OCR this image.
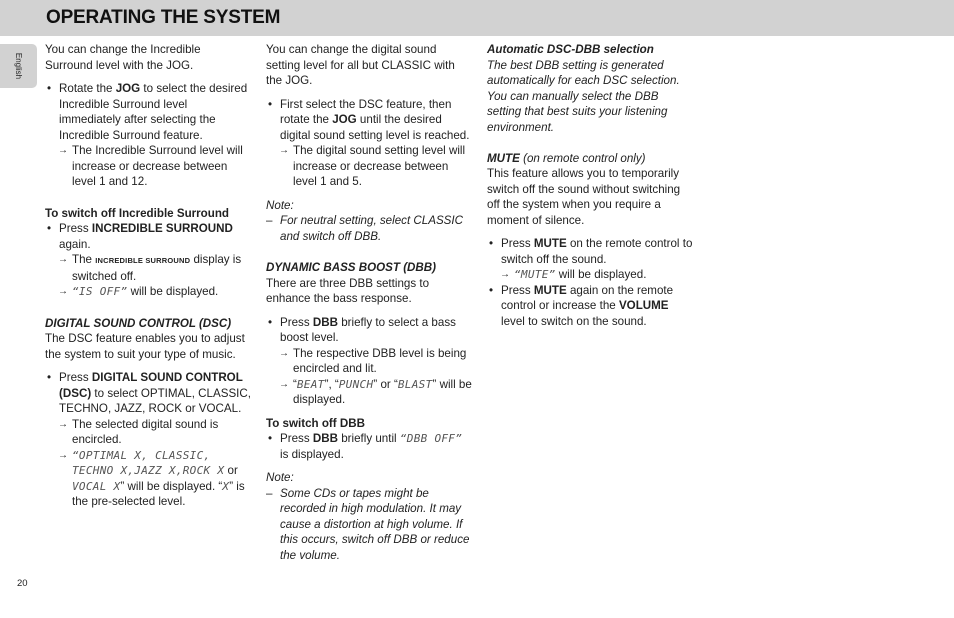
OPERATING THE SYSTEM
English
20

You can change the Incredible Surround level with the JOG.

• Rotate the JOG to select the desired Incredible Surround level immediately after selecting the Incredible Surround feature.

→ The Incredible Surround level will increase or decrease between level 1 and 12.

To switch off Incredible Surround

• Press INCREDIBLE SURROUND again.

→ The INCREDIBLE SURROUND display is switched off.

→ “IS OFF” will be displayed.

DIGITAL SOUND CONTROL (DSC)

The DSC feature enables you to adjust the system to suit your type of music.

• Press DIGITAL SOUND CONTROL (DSC) to select OPTIMAL, CLASSIC, TECHNO, JAZZ, ROCK or VOCAL.

→ The selected digital sound is encircled.

→ “OPTIMAL X, CLASSIC, TECHNO X,JAZZ X,ROCK X or VOCAL X” will be displayed. “X” is the pre-selected level.

You can change the digital sound setting level for all but CLASSIC with the JOG.

• First select the DSC feature, then rotate the JOG until the desired digital sound setting level is reached.

→ The digital sound setting level will increase or decrease between level 1 and 5.

Note:

– For neutral setting, select CLASSIC and switch off DBB.

DYNAMIC BASS BOOST (DBB)

There are three DBB settings to enhance the bass response.

• Press DBB briefly to select a bass boost level.

→ The respective DBB level is being encircled and lit.

→ “BEAT”, “PUNCH” or “BLAST” will be displayed.

To switch off DBB

• Press DBB briefly until “DBB OFF” is displayed.

Note:

– Some CDs or tapes might be recorded in high modulation. It may cause a distortion at high volume. If this occurs, switch off DBB or reduce the volume.

Automatic DSC-DBB selection

The best DBB setting is generated automatically for each DSC selection. You can manually select the DBB setting that best suits your listening environment.

MUTE (on remote control only)

This feature allows you to temporarily switch off the sound without switching off the system when you require a moment of silence.

• Press MUTE on the remote control to switch off the sound.

→ “MUTE” will be displayed.

• Press MUTE again on the remote control or increase the VOLUME level to switch on the sound.
